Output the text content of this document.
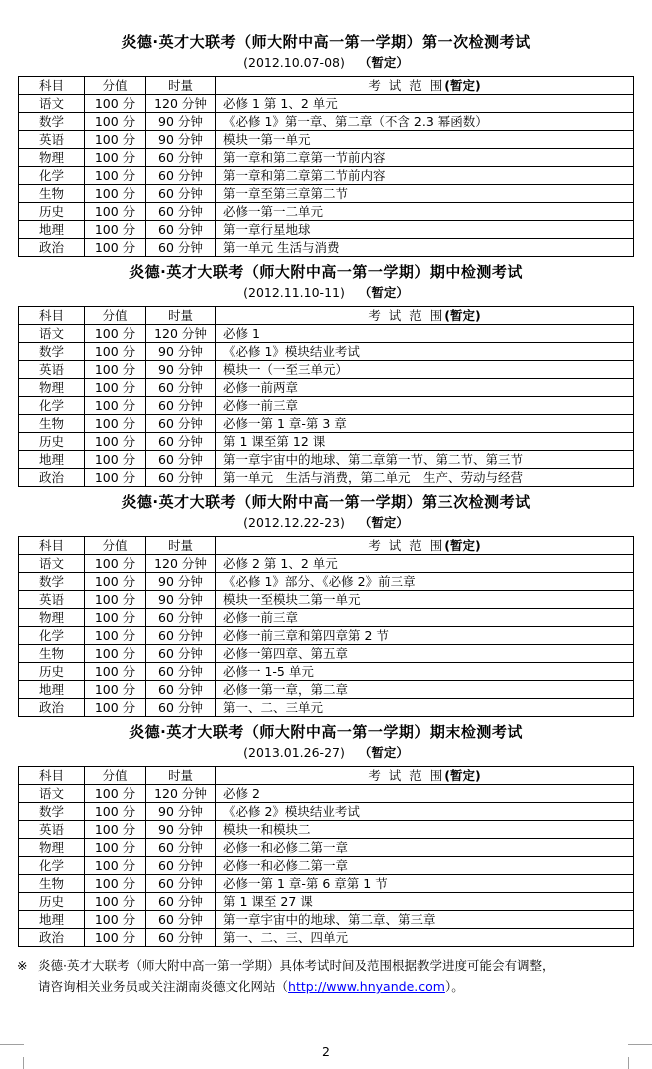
炎德·英才大联考（师大附中高一第一学期）第一次检测考试
(2012.10.07-08) （暂定）
科目	分值	时量	考 试 范 围(暂定)
语文	100 分	120 分钟	必修 1 第 1、2 单元
数学	100 分	90 分钟	《必修 1》第一章、第二章（不含 2.3 幂函数）
英语	100 分	90 分钟	模块一第一单元
物理	100 分	60 分钟	第一章和第二章第一节前内容
化学	100 分	60 分钟	第一章和第二章第二节前内容
生物	100 分	60 分钟	第一章至第三章第二节
历史	100 分	60 分钟	必修一第一二单元
地理	100 分	60 分钟	第一章行星地球
政治	100 分	60 分钟	第一单元 生活与消费
炎德·英才大联考（师大附中高一第一学期）期中检测考试
(2012.11.10-11) （暂定）
科目	分值	时量	考 试 范 围(暂定)
语文	100 分	120 分钟	必修 1
数学	100 分	90 分钟	《必修 1》模块结业考试
英语	100 分	90 分钟	模块一（一至三单元）
物理	100 分	60 分钟	必修一前两章
化学	100 分	60 分钟	必修一前三章
生物	100 分	60 分钟	必修一第 1 章-第 3 章
历史	100 分	60 分钟	第 1 课至第 12 课
地理	100 分	60 分钟	第一章宇宙中的地球、第二章第一节、第二节、第三节
政治	100 分	60 分钟	第一单元　生活与消费，第二单元　生产、劳动与经营
炎德·英才大联考（师大附中高一第一学期）第三次检测考试
(2012.12.22-23) （暂定）
科目	分值	时量	考 试 范 围(暂定)
语文	100 分	120 分钟	必修 2 第 1、2 单元
数学	100 分	90 分钟	《必修 1》部分、《必修 2》前三章
英语	100 分	90 分钟	模块一至模块二第一单元
物理	100 分	60 分钟	必修一前三章
化学	100 分	60 分钟	必修一前三章和第四章第 2 节
生物	100 分	60 分钟	必修一第四章、第五章
历史	100 分	60 分钟	必修一 1-5 单元
地理	100 分	60 分钟	必修一第一章，第二章
政治	100 分	60 分钟	第一、二、三单元
炎德·英才大联考（师大附中高一第一学期）期末检测考试
(2013.01.26-27) （暂定）
科目	分值	时量	考 试 范 围(暂定)
语文	100 分	120 分钟	必修 2
数学	100 分	90 分钟	《必修 2》模块结业考试
英语	100 分	90 分钟	模块一和模块二
物理	100 分	60 分钟	必修一和必修二第一章
化学	100 分	60 分钟	必修一和必修二第一章
生物	100 分	60 分钟	必修一第 1 章-第 6 章第 1 节
历史	100 分	60 分钟	第 1 课至 27 课
地理	100 分	60 分钟	第一章宇宙中的地球、第二章、第三章
政治	100 分	60 分钟	第一、二、三、四单元
※ 炎德·英才大联考（师大附中高一第一学期）具体考试时间及范围根据教学进度可能会有调整，
请咨询相关业务员或关注湖南炎德文化网站（http://www.hnyande.com）。
2
